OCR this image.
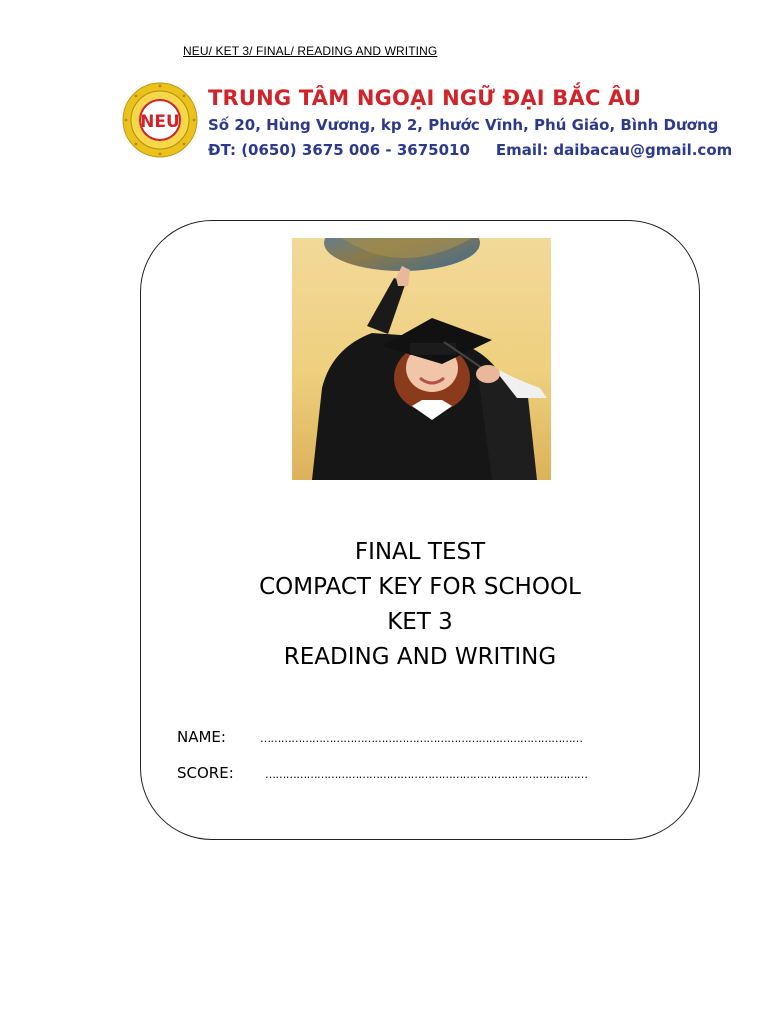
NEU/ KET 3/ FINAL/ READING AND WRITING
NEU
TRUNG TÂM NGOẠI NGỮ ĐẠI BẮC ÂU
Số 20, Hùng Vương, kp 2, Phước Vĩnh, Phú Giáo, Bình Dương
ĐT: (0650) 3675 006 - 3675010 Email: daibacau@gmail.com
FINAL TEST
COMPACT KEY FOR SCHOOL
KET 3
READING AND WRITING
NAME:	…………………………………………………………………………………
SCORE:	…………………………………………………………………………………
